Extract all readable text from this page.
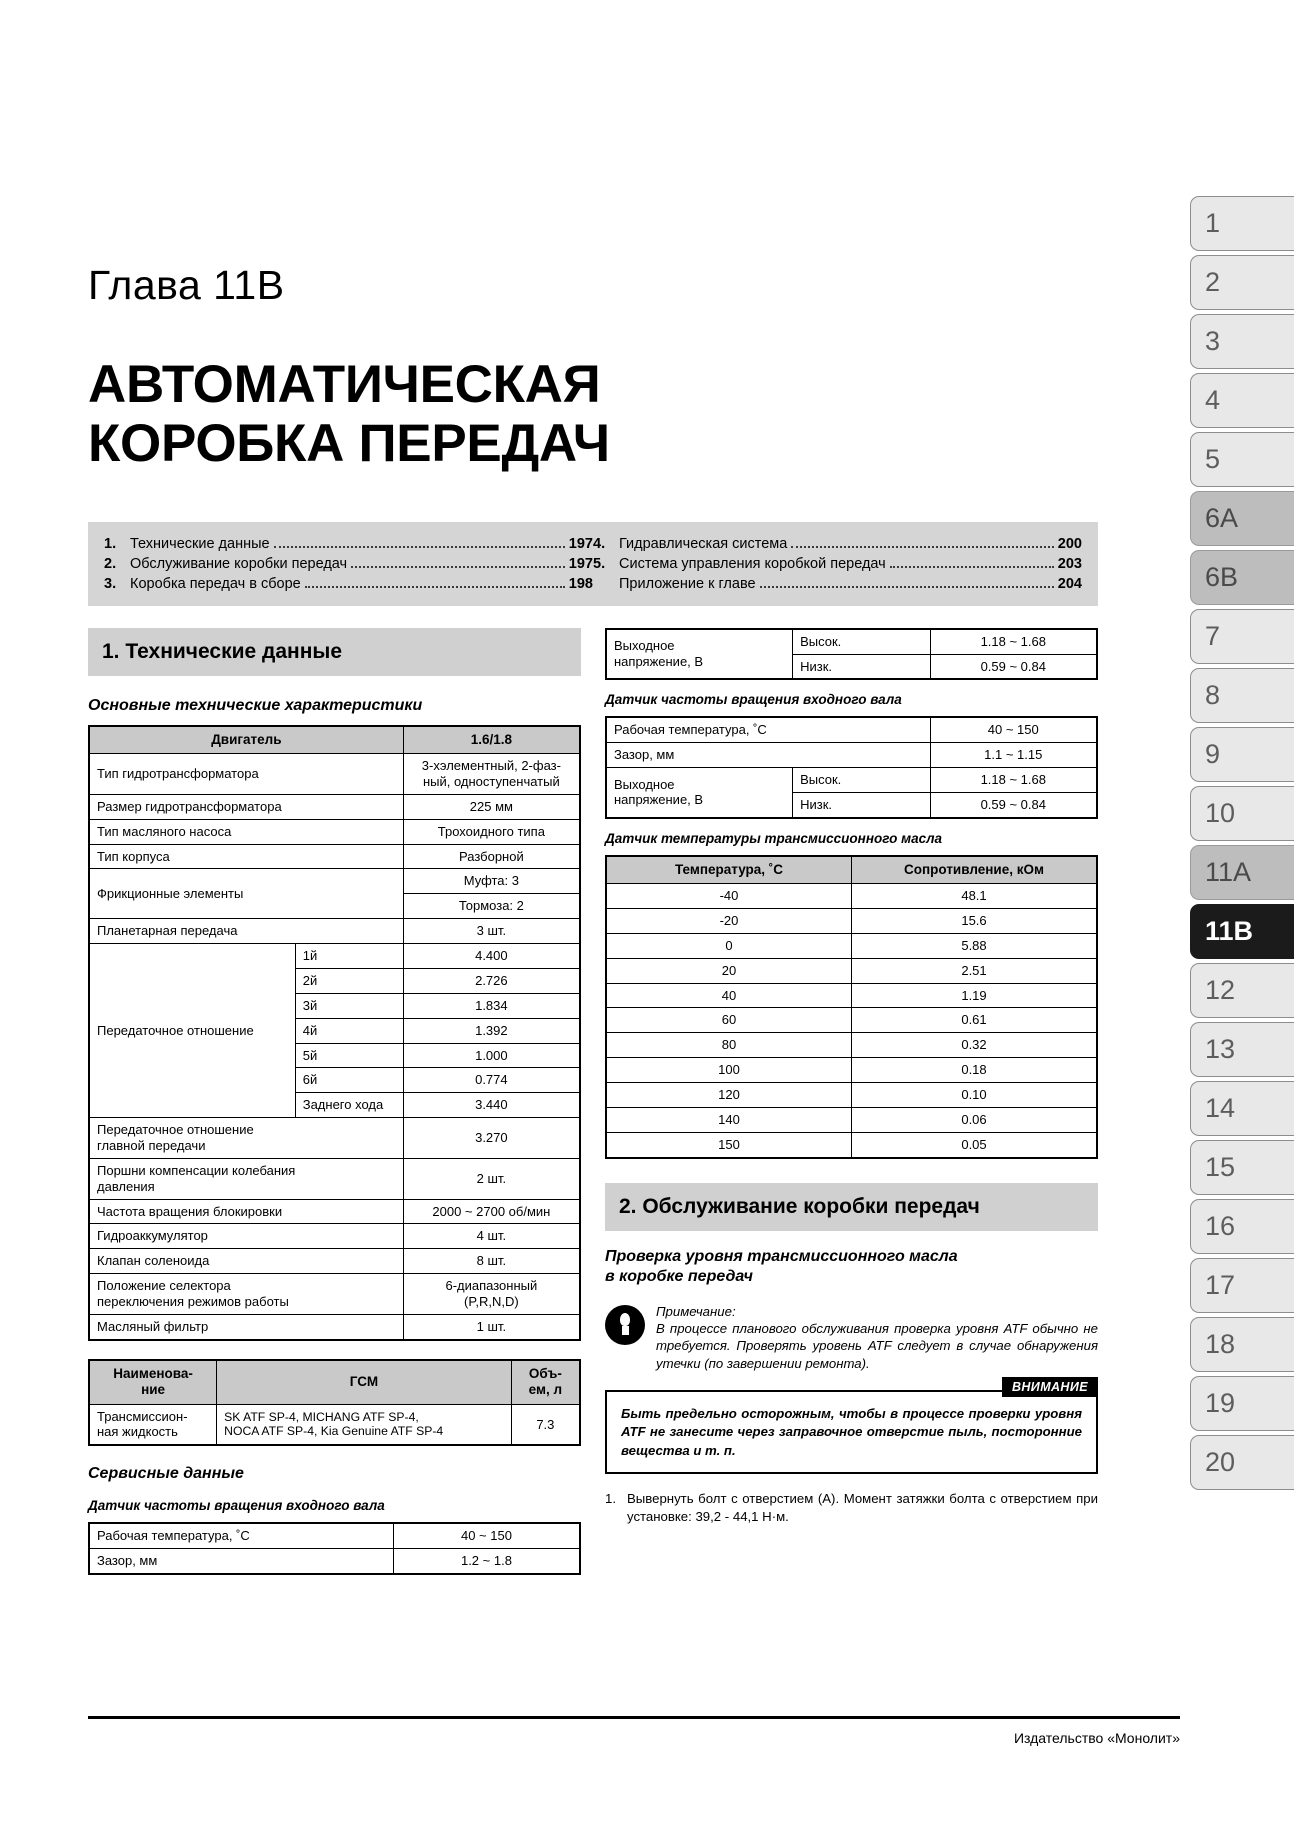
1
2
3
4
5
6A
6B
7
8
9
10
11A
11B
12
13
14
15
16
17
18
19
20
Глава 11В
АВТОМАТИЧЕСКАЯ
КОРОБКА ПЕРЕДАЧ
1. Технические данные	197
2. Обслуживание коробки передач	197
3. Коробка передач в сборе	198
4. Гидравлическая система	200
5. Система управления коробкой передач	203
Приложение к главе	204
1. Технические данные
Основные технические характеристики
Двигатель		1.6/1.8
Тип гидротрансформатора		3-хэлементный, 2-фаз-
ный, одноступенчатый
Размер гидротрансформатора		225 мм
Тип масляного насоса		Трохоидного типа
Тип корпуса		Разборной
Фрикционные элементы		Муфта: 3
		Тормоза: 2
Планетарная передача		3 шт.
Передаточное отношение	1й	4.400
	2й	2.726
	3й	1.834
	4й	1.392
	5й	1.000
	6й	0.774
	Заднего хода	3.440
Передаточное отношение
главной передачи		3.270
Поршни компенсации колебания
давления		2 шт.
Частота вращения блокировки		2000 ~ 2700 об/мин
Гидроаккумулятор		4 шт.
Клапан соленоида		8 шт.
Положение селектора
переключения режимов работы		6-диапазонный
(P,R,N,D)
Масляный фильтр		1 шт.
Наименова-
ние	ГСМ	Объ-
ем, л
Трансмиссион-
ная жидкость	SK ATF SP-4, MICHANG ATF SP-4,
NOCA ATF SP-4, Kia Genuine ATF SP-4	7.3
Сервисные данные
Датчик частоты вращения входного вала
Рабочая температура, ˚С	40 ~ 150
Зазор, мм	1.2 ~ 1.8
Выходное
напряжение, В	Высок.	1.18 ~ 1.68
	Низк.	0.59 ~ 0.84
Датчик частоты вращения входного вала
Рабочая температура, ˚С		40 ~ 150
Зазор, мм		1.1 ~ 1.15
Выходное
напряжение, В	Высок.	1.18 ~ 1.68
	Низк.	0.59 ~ 0.84
Датчик температуры трансмиссионного масла
Температура, ˚С	Сопротивление, кОм
-40	48.1
-20	15.6
0	5.88
20	2.51
40	1.19
60	0.61
80	0.32
100	0.18
120	0.10
140	0.06
150	0.05
2. Обслуживание коробки передач
Проверка уровня трансмиссионного масла
в коробке передач
Примечание:
В процессе планового обслуживания проверка уровня ATF обычно не требуется. Проверять уровень ATF следует в случае обнаружения утечки (по завершении ремонта).
ВНИМАНИЕ
Быть предельно осторожным, чтобы в процессе проверки уровня ATF не занесите через заправочное отверстие пыль, посторонние вещества и т. п.
1. Вывернуть болт с отверстием (A). Момент затяжки болта с отверстием при установке: 39,2 - 44,1 Н·м.
Издательство «Монолит»
